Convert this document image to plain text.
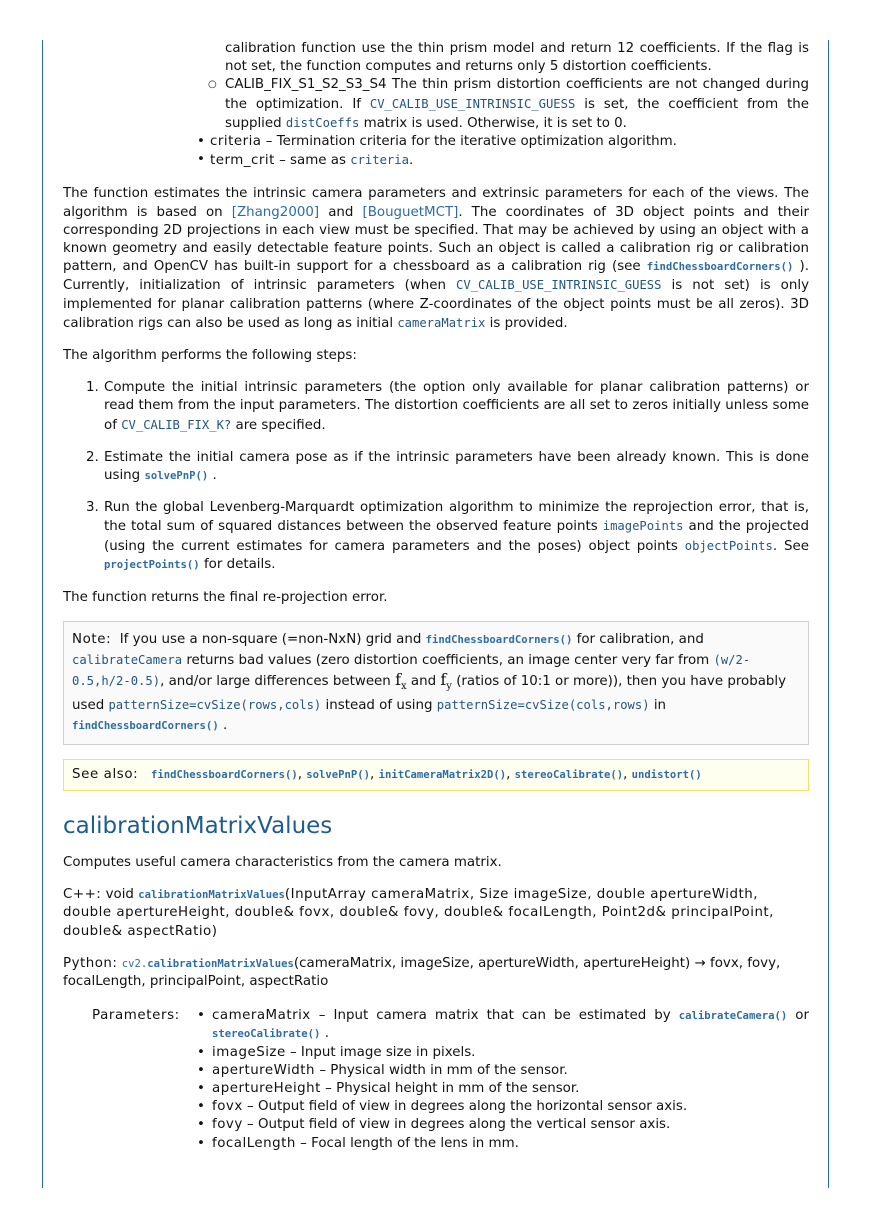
calibration function use the thin prism model and return 12 coefficients. If the flag is not set, the function computes and returns only 5 distortion coefficients.
○ CALIB_FIX_S1_S2_S3_S4 The thin prism distortion coefficients are not changed during the optimization. If CV_CALIB_USE_INTRINSIC_GUESS is set, the coefficient from the supplied distCoeffs matrix is used. Otherwise, it is set to 0.
• criteria – Termination criteria for the iterative optimization algorithm.
• term_crit – same as criteria.

The function estimates the intrinsic camera parameters and extrinsic parameters for each of the views. The algorithm is based on [Zhang2000] and [BouguetMCT]. The coordinates of 3D object points and their corresponding 2D projections in each view must be specified. That may be achieved by using an object with a known geometry and easily detectable feature points. Such an object is called a calibration rig or calibration pattern, and OpenCV has built-in support for a chessboard as a calibration rig (see findChessboardCorners() ). Currently, initialization of intrinsic parameters (when CV_CALIB_USE_INTRINSIC_GUESS is not set) is only implemented for planar calibration patterns (where Z-coordinates of the object points must be all zeros). 3D calibration rigs can also be used as long as initial cameraMatrix is provided.

The algorithm performs the following steps:

1. Compute the initial intrinsic parameters (the option only available for planar calibration patterns) or read them from the input parameters. The distortion coefficients are all set to zeros initially unless some of CV_CALIB_FIX_K? are specified.
2. Estimate the initial camera pose as if the intrinsic parameters have been already known. This is done using solvePnP() .
3. Run the global Levenberg-Marquardt optimization algorithm to minimize the reprojection error, that is, the total sum of squared distances between the observed feature points imagePoints and the projected (using the current estimates for camera parameters and the poses) object points objectPoints. See projectPoints() for details.

The function returns the final re-projection error.

Note: If you use a non-square (=non-NxN) grid and findChessboardCorners() for calibration, and calibrateCamera returns bad values (zero distortion coefficients, an image center very far from (w/2-0.5,h/2-0.5), and/or large differences between $f_x$ and $f_y$ (ratios of 10:1 or more)), then you have probably used patternSize=cvSize(rows,cols) instead of using patternSize=cvSize(cols,rows) in findChessboardCorners() .
See also: findChessboardCorners(), solvePnP(), initCameraMatrix2D(), stereoCalibrate(), undistort()
calibrationMatrixValues

Computes useful camera characteristics from the camera matrix.

C++: void calibrationMatrixValues(InputArray cameraMatrix, Size imageSize, double apertureWidth, double apertureHeight, double& fovx, double& fovy, double& focalLength, Point2d& principalPoint, double& aspectRatio)

Python: cv2.calibrationMatrixValues(cameraMatrix, imageSize, apertureWidth, apertureHeight) → fovx, fovy, focalLength, principalPoint, aspectRatio

Parameters:
• cameraMatrix – Input camera matrix that can be estimated by calibrateCamera() or stereoCalibrate() .
• imageSize – Input image size in pixels.
• apertureWidth – Physical width in mm of the sensor.
• apertureHeight – Physical height in mm of the sensor.
• fovx – Output field of view in degrees along the horizontal sensor axis.
• fovy – Output field of view in degrees along the vertical sensor axis.
• focalLength – Focal length of the lens in mm.
